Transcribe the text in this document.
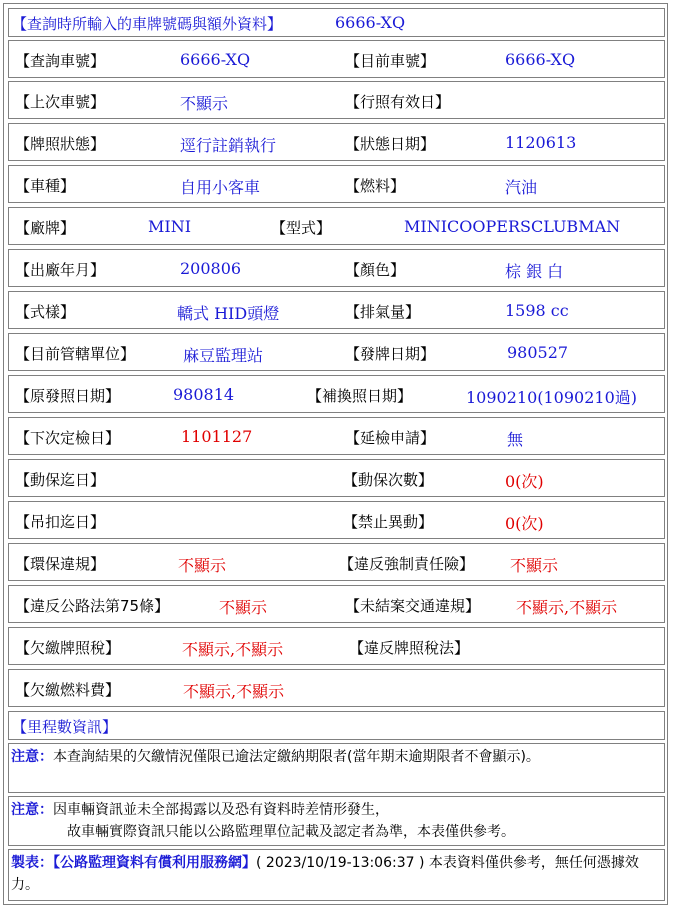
【查詢時所輸入的車牌號碼與額外資料】	6666-XQ
【查詢車號】	6666-XQ	【目前車號】	6666-XQ
【上次車號】	不顯示	【行照有效日】
【牌照狀態】	逕行註銷執行	【狀態日期】	1120613
【車種】	自用小客車	【燃料】	汽油
【廠牌】	MINI	【型式】	MINICOOPERSCLUBMAN
【出廠年月】	200806	【顏色】	棕 銀 白
【式樣】	轎式 HID頭燈	【排氣量】	1598 cc
【目前管轄單位】	麻豆監理站	【發牌日期】	980527
【原發照日期】	980814	【補換照日期】	1090210(1090210過)
【下次定檢日】	1101127	【延檢申請】	無
【動保迄日】	【動保次數】	0(次)
【吊扣迄日】	【禁止異動】	0(次)
【環保違規】	不顯示	【違反強制責任險】 不顯示
【違反公路法第75條】	不顯示	【未結案交通違規】 不顯示,不顯示
【欠繳牌照稅】	不顯示,不顯示	【違反牌照稅法】
【欠繳燃料費】	不顯示,不顯示
【里程數資訊】
注意：本查詢結果的欠繳情況僅限已逾法定繳納期限者(當年期末逾期限者不會顯示)。
注意：因車輛資訊並未全部揭露以及恐有資料時差情形發生，
故車輛實際資訊只能以公路監理單位記載及認定者為準，本表僅供參考。
製表：【公路監理資料有償利用服務網】( 2023/10/19-13:06:37 ) 本表資料僅供參考，無任何憑據效力。
